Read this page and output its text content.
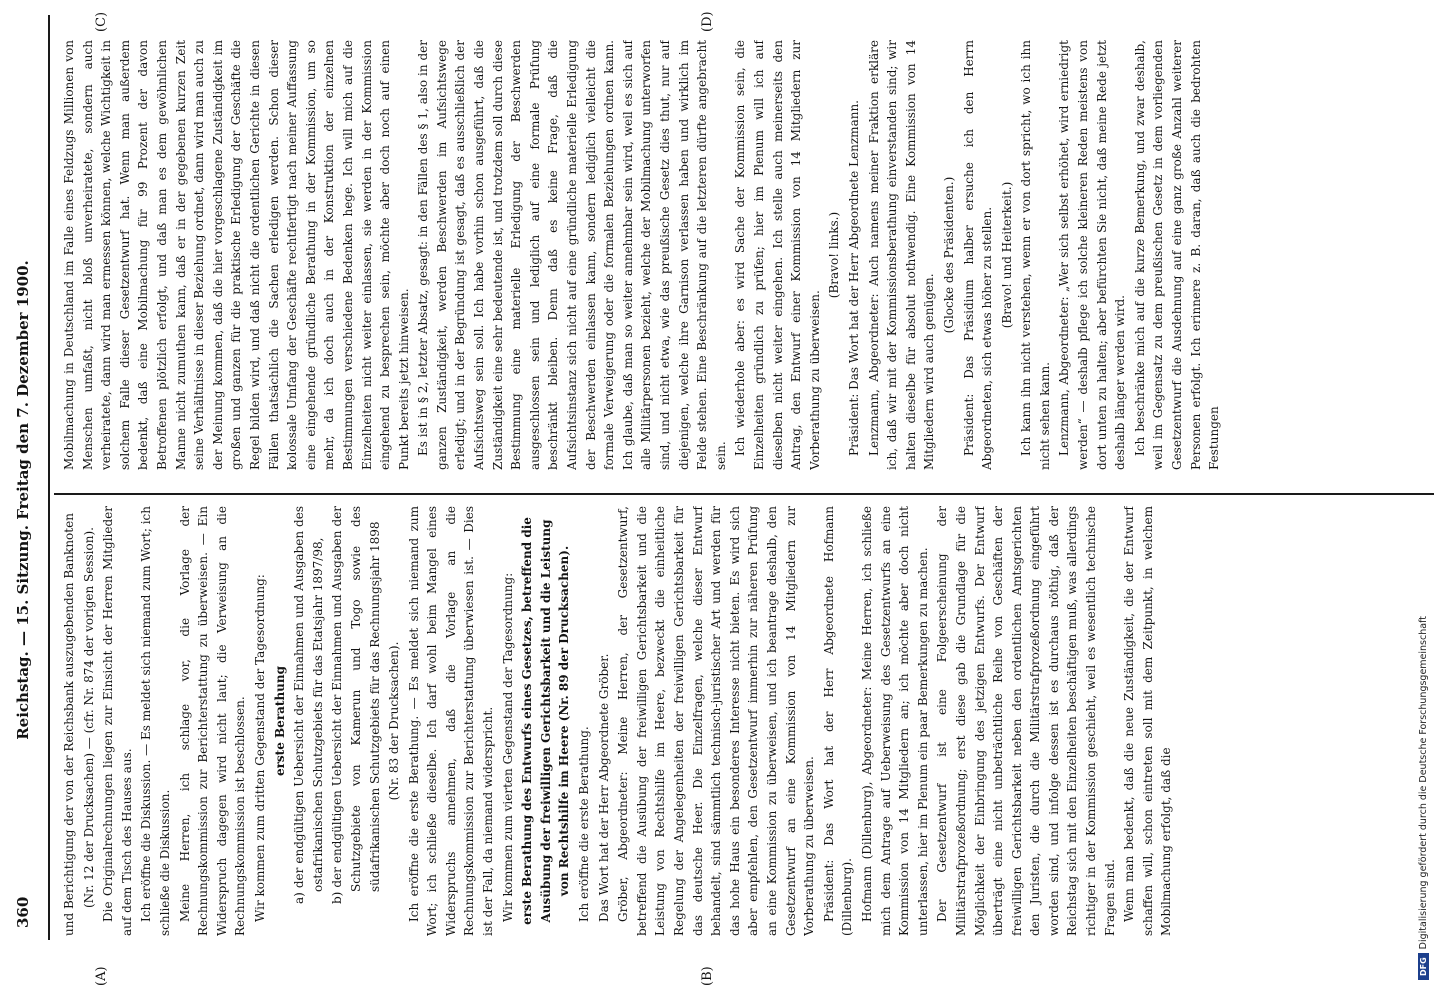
360
Reichstag. — 15. Sitzung. Freitag den 7. Dezember 1900.
(A)	(B)
(C)	(D)

und Berichtigung der von der Reichsbank auszugebenden Banknoten (Nr. 12 der Drucksachen) — (cfr. Nr. 874 der vorigen Session). Die Originalrechnungen liegen zur Einsicht der Herren Mitglieder auf dem Tisch des Hauses aus. Ich eröffne die Diskussion. — Es meldet sich niemand zum Wort; ich schließe die Diskussion. Meine Herren, ich schlage vor, die Vorlage der Rechnungskommission zur Berichterstattung zu überweisen. — Ein Widerspruch dagegen wird nicht laut; die Verweisung an die Rechnungskommission ist beschlossen. Wir kommen zum dritten Gegenstand der Tagesordnung: erste Berathung a) der endgültigen Uebersicht der Einnahmen und Ausgaben des ostafrikanischen Schutzgebiets für das Etatsjahr 1897/98, b) der endgültigen Uebersicht der Einnahmen und Ausgaben der Schutzgebiete von Kamerun und Togo sowie des südafrikanischen Schutzgebiets für das Rechnungsjahr 1898 (Nr. 83 der Drucksachen). Ich eröffne die erste Berathung. — Es meldet sich niemand zum Wort; ich schließe dieselbe. Ich darf wohl beim Mangel eines Widerspruchs annehmen, daß die Vorlage an die Rechnungskommission zur Berichterstattung überwiesen ist. — Dies ist der Fall, da niemand widerspricht. Wir kommen zum vierten Gegenstand der Tagesordnung: erste Berathung des Entwurfs eines Gesetzes, betreffend die Ausübung der freiwilligen Gerichtsbarkeit und die Leistung von Rechtshilfe im Heere (Nr. 89 der Drucksachen). Ich eröffne die erste Berathung. Das Wort hat der Herr Abgeordnete Gröber. Gröber, Abgeordneter: Meine Herren, der Gesetzentwurf, betreffend die Ausübung der freiwilligen Gerichtsbarkeit und die Leistung von Rechtshilfe im Heere, bezweckt die einheitliche Regelung der Angelegenheiten der freiwilligen Gerichtsbarkeit für das deutsche Heer. Die Einzelfragen, welche dieser Entwurf behandelt, sind sämmtlich technisch-juristischer Art und werden für das hohe Haus ein besonderes Interesse nicht bieten. Es wird sich aber empfehlen, den Gesetzentwurf immerhin zur näheren Prüfung an eine Kommission zu überweisen, und ich beantrage deshalb, den Gesetzentwurf an eine Kommission von 14 Mitgliedern zur Vorberathung zu überweisen. Präsident: Das Wort hat der Herr Abgeordnete Hofmann (Dillenburg). Hofmann (Dillenburg), Abgeordneter: Meine Herren, ich schließe mich dem Antrage auf Ueberweisung des Gesetzentwurfs an eine Kommission von 14 Mitgliedern an; ich möchte aber doch nicht unterlassen, hier im Plenum ein paar Bemerkungen zu machen. Der Gesetzentwurf ist eine Folgeerscheinung der Militärstrafprozeßordnung; erst diese gab die Grundlage für die Möglichkeit der Einbringung des jetzigen Entwurfs. Der Entwurf überträgt eine nicht unbeträchtliche Reihe von Geschäften der freiwilligen Gerichtsbarkeit neben den ordentlichen Amtsgerichten den Juristen, die durch die Militärstrafprozeßordnung eingeführt worden sind, und infolge dessen ist es durchaus nöthig, daß der Reichstag sich mit den Einzelheiten beschäftigen muß, was allerdings richtiger in der Kommission geschieht, weil es wesentlich technische Fragen sind. Wenn man bedenkt, daß die neue Zuständigkeit, die der Entwurf schaffen will, schon eintreten soll mit dem Zeitpunkt, in welchem Mobilmachung erfolgt, daß die

Mobilmachung in Deutschland im Falle eines Feldzugs Millionen von Menschen umfaßt, nicht bloß unverheiratete, sondern auch verheiratete, dann wird man ermessen können, welche Wichtigkeit in solchem Falle dieser Gesetzentwurf hat. Wenn man außerdem bedenkt, daß eine Mobilmachung für 99 Prozent der davon Betroffenen plötzlich erfolgt, und daß man es dem gewöhnlichen Manne nicht zumuthen kann, daß er in der gegebenen kurzen Zeit seine Verhältnisse in dieser Beziehung ordnet, dann wird man auch zu der Meinung kommen, daß die hier vorgeschlagene Zuständigkeit im großen und ganzen für die praktische Erledigung der Geschäfte die Regel bilden wird, und daß nicht die ordentlichen Gerichte in diesen Fällen thatsächlich die Sachen erledigen werden. Schon dieser kolossale Umfang der Geschäfte rechtfertigt nach meiner Auffassung eine eingehende gründliche Berathung in der Kommission, um so mehr, da ich doch auch in der Konstruktion der einzelnen Bestimmungen verschiedene Bedenken hege. Ich will mich auf die Einzelheiten nicht weiter einlassen, sie werden in der Kommission eingehend zu besprechen sein, möchte aber doch noch auf einen Punkt bereits jetzt hinweisen. Es ist in § 2, letzter Absatz, gesagt: in den Fällen des § 1, also in der ganzen Zuständigkeit, werden Beschwerden im Aufsichtswege erledigt; und in der Begründung ist gesagt, daß es ausschließlich der Aufsichtsweg sein soll. Ich habe vorhin schon ausgeführt, daß die Zuständigkeit eine sehr bedeutende ist, und trotzdem soll durch diese Bestimmung eine materielle Erledigung der Beschwerden ausgeschlossen sein und lediglich auf eine formale Prüfung beschränkt bleiben. Denn daß es keine Frage, daß die Aufsichtsinstanz sich nicht auf eine gründliche materielle Erledigung der Beschwerden einlassen kann, sondern lediglich vielleicht die formale Verweigerung oder die formalen Beziehungen ordnen kann. Ich glaube, daß man so weiter annehmbar sein wird, weil es sich auf alle Militärpersonen bezieht, welche der Mobilmachung unterworfen sind, und nicht etwa, wie das preußische Gesetz dies thut, nur auf diejenigen, welche ihre Garnison verlassen haben und wirklich im Felde stehen. Eine Beschränkung auf die letzteren dürfte angebracht sein. Ich wiederhole aber: es wird Sache der Kommission sein, die Einzelheiten gründlich zu prüfen; hier im Plenum will ich auf dieselben nicht weiter eingehen. Ich stelle auch meinerseits den Antrag, den Entwurf einer Kommission von 14 Mitgliedern zur Vorberathung zu überweisen.

(Bravo! links.) Präsident: Das Wort hat der Herr Abgeordnete Lenzmann. Lenzmann, Abgeordneter: Auch namens meiner Fraktion erkläre ich, daß wir mit der Kommissionsberathung einverstanden sind; wir halten dieselbe für absolut nothwendig. Eine Kommission von 14 Mitgliedern wird auch genügen.

(Glocke des Präsidenten.) Präsident: Das Präsidium halber ersuche ich den Herrn Abgeordneten, sich etwas höher zu stellen. (Bravo! und Heiterkeit.) Ich kann ihn nicht verstehen, wenn er von dort spricht, wo ich ihn nicht sehen kann. Lenzmann, Abgeordneter: „Wer sich selbst erhöhet, wird erniedrigt werden“ — deshalb pflege ich solche kleineren Reden meistens von dort unten zu halten; aber befürchten Sie nicht, daß meine Rede jetzt deshalb länger werden wird. Ich beschränke mich auf die kurze Bemerkung, und zwar deshalb, weil im Gegensatz zu dem preußischen Gesetz in dem vorliegenden Gesetzentwurf die Ausdehnung auf eine ganz große Anzahl weiterer Personen erfolgt. Ich erinnere z. B. daran, daß auch die bedrohten Festungen

DFGDigitalisierung gefördert durch die Deutsche Forschungsgemeinschaft
